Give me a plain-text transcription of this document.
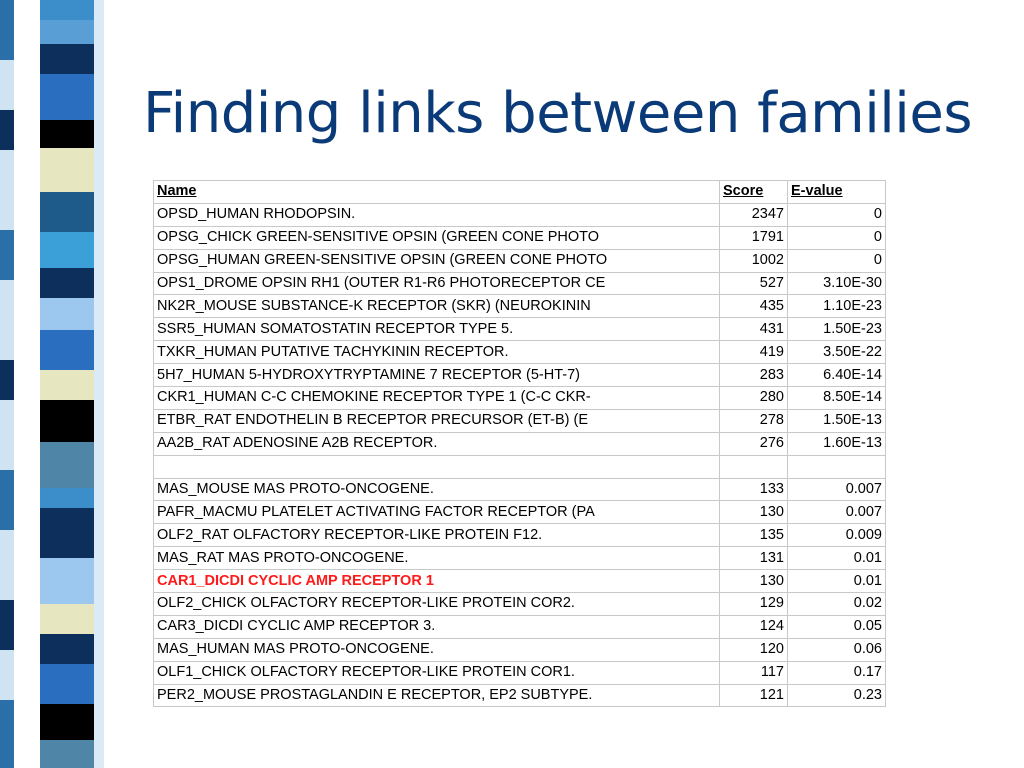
Finding links between families
Name	Score	E-value
OPSD_HUMAN RHODOPSIN.	2347	0
OPSG_CHICK GREEN-SENSITIVE OPSIN (GREEN CONE PHOTO	1791	0
OPSG_HUMAN GREEN-SENSITIVE OPSIN (GREEN CONE PHOTO	1002	0
OPS1_DROME OPSIN RH1 (OUTER R1-R6 PHOTORECEPTOR CE	527	3.10E-30
NK2R_MOUSE SUBSTANCE-K RECEPTOR (SKR) (NEUROKININ	435	1.10E-23
SSR5_HUMAN SOMATOSTATIN RECEPTOR TYPE 5.	431	1.50E-23
TXKR_HUMAN PUTATIVE TACHYKININ RECEPTOR.	419	3.50E-22
5H7_HUMAN 5-HYDROXYTRYPTAMINE 7 RECEPTOR (5-HT-7)	283	6.40E-14
CKR1_HUMAN C-C CHEMOKINE RECEPTOR TYPE 1 (C-C CKR-	280	8.50E-14
ETBR_RAT ENDOTHELIN B RECEPTOR PRECURSOR (ET-B) (E	278	1.50E-13
AA2B_RAT ADENOSINE A2B RECEPTOR.	276	1.60E-13

MAS_MOUSE MAS PROTO-ONCOGENE.	133	0.007
PAFR_MACMU PLATELET ACTIVATING FACTOR RECEPTOR (PA	130	0.007
OLF2_RAT OLFACTORY RECEPTOR-LIKE PROTEIN F12.	135	0.009
MAS_RAT MAS PROTO-ONCOGENE.	131	0.01
CAR1_DICDI CYCLIC AMP RECEPTOR 1	130	0.01
OLF2_CHICK OLFACTORY RECEPTOR-LIKE PROTEIN COR2.	129	0.02
CAR3_DICDI CYCLIC AMP RECEPTOR 3.	124	0.05
MAS_HUMAN MAS PROTO-ONCOGENE.	120	0.06
OLF1_CHICK OLFACTORY RECEPTOR-LIKE PROTEIN COR1.	117	0.17
PER2_MOUSE PROSTAGLANDIN E RECEPTOR, EP2 SUBTYPE.	121	0.23
